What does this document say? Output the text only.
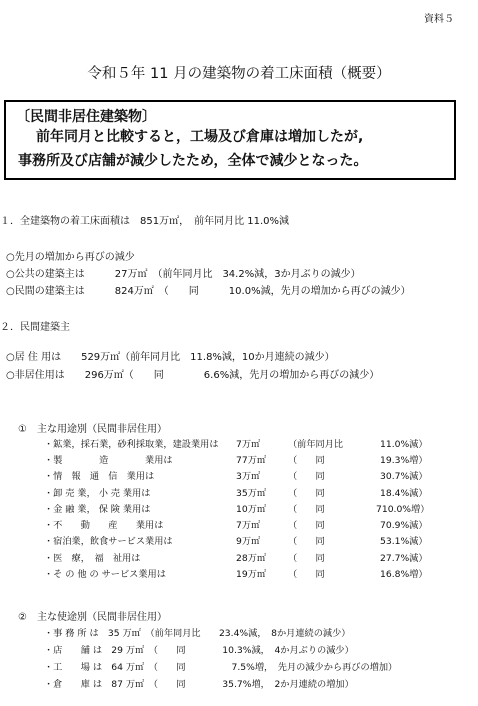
資料５
令和５年 11 月の建築物の着工床面積（概要）
〔民間非居住建築物〕
前年同月と比較すると，工場及び倉庫は増加したが,
事務所及び店舗が減少したため，全体で減少となった。
１．全建築物の着工床面積は　851万㎡，　前年同月比 11.0%減
○先月の増加から再びの減少
○公共の建築主は　　　27万㎡　（前年同月比　34.2%減，3か月ぶりの減少）
○民間の建築主は　　　824万㎡　（　　同　　　10.0%減，先月の増加から再びの減少）
２．民間建築主
○居 住 用は　　529万㎡（前年同月比　11.8%減，10か月連続の減少）
○非居住用は　　296万㎡（　　同　　　　6.6%減，先月の増加から再びの減少）
①　主な用途別（民間非居住用）
・鉱業，採石業，砂利採取業，建設業用は 7万㎡	（前年同月比	11.0%減）
・製　　　　造　　　　業用は	77万㎡ （　　同	19.3%増）
・情　報　通　信　業用は	3万㎡	（　　同	30.7%減）
・卸 売 業， 小 売 業用は	35万㎡ （　　同	18.4%減）
・金 融 業， 保 険 業用は	10万㎡ （　　同	710.0%増）
・不　　動　　産　　業用は	7万㎡	（　　同	70.9%減）
・宿泊業，飲食サービス業用は	9万㎡	（　　同	53.1%減）
・医　療，　福　祉用は	28万㎡ （　　同	27.7%減）
・そ の 他 の サービス業用は	19万㎡ （　　同	16.8%増）
②　主な使途別（民間非居住用）
・事 務 所 は　35 万㎡　（前年同月比　　23.4%減，　8か月連続の減少）
・店　　舗 は　29 万㎡　（　　同　　　　10.3%減，　4か月ぶりの減少）
・工　　場 は　64 万㎡　（　　同　　　　　7.5%増，　先月の減少から再びの増加）
・倉　　庫 は　87 万㎡　（　　同　　　　35.7%増，　2か月連続の増加）
